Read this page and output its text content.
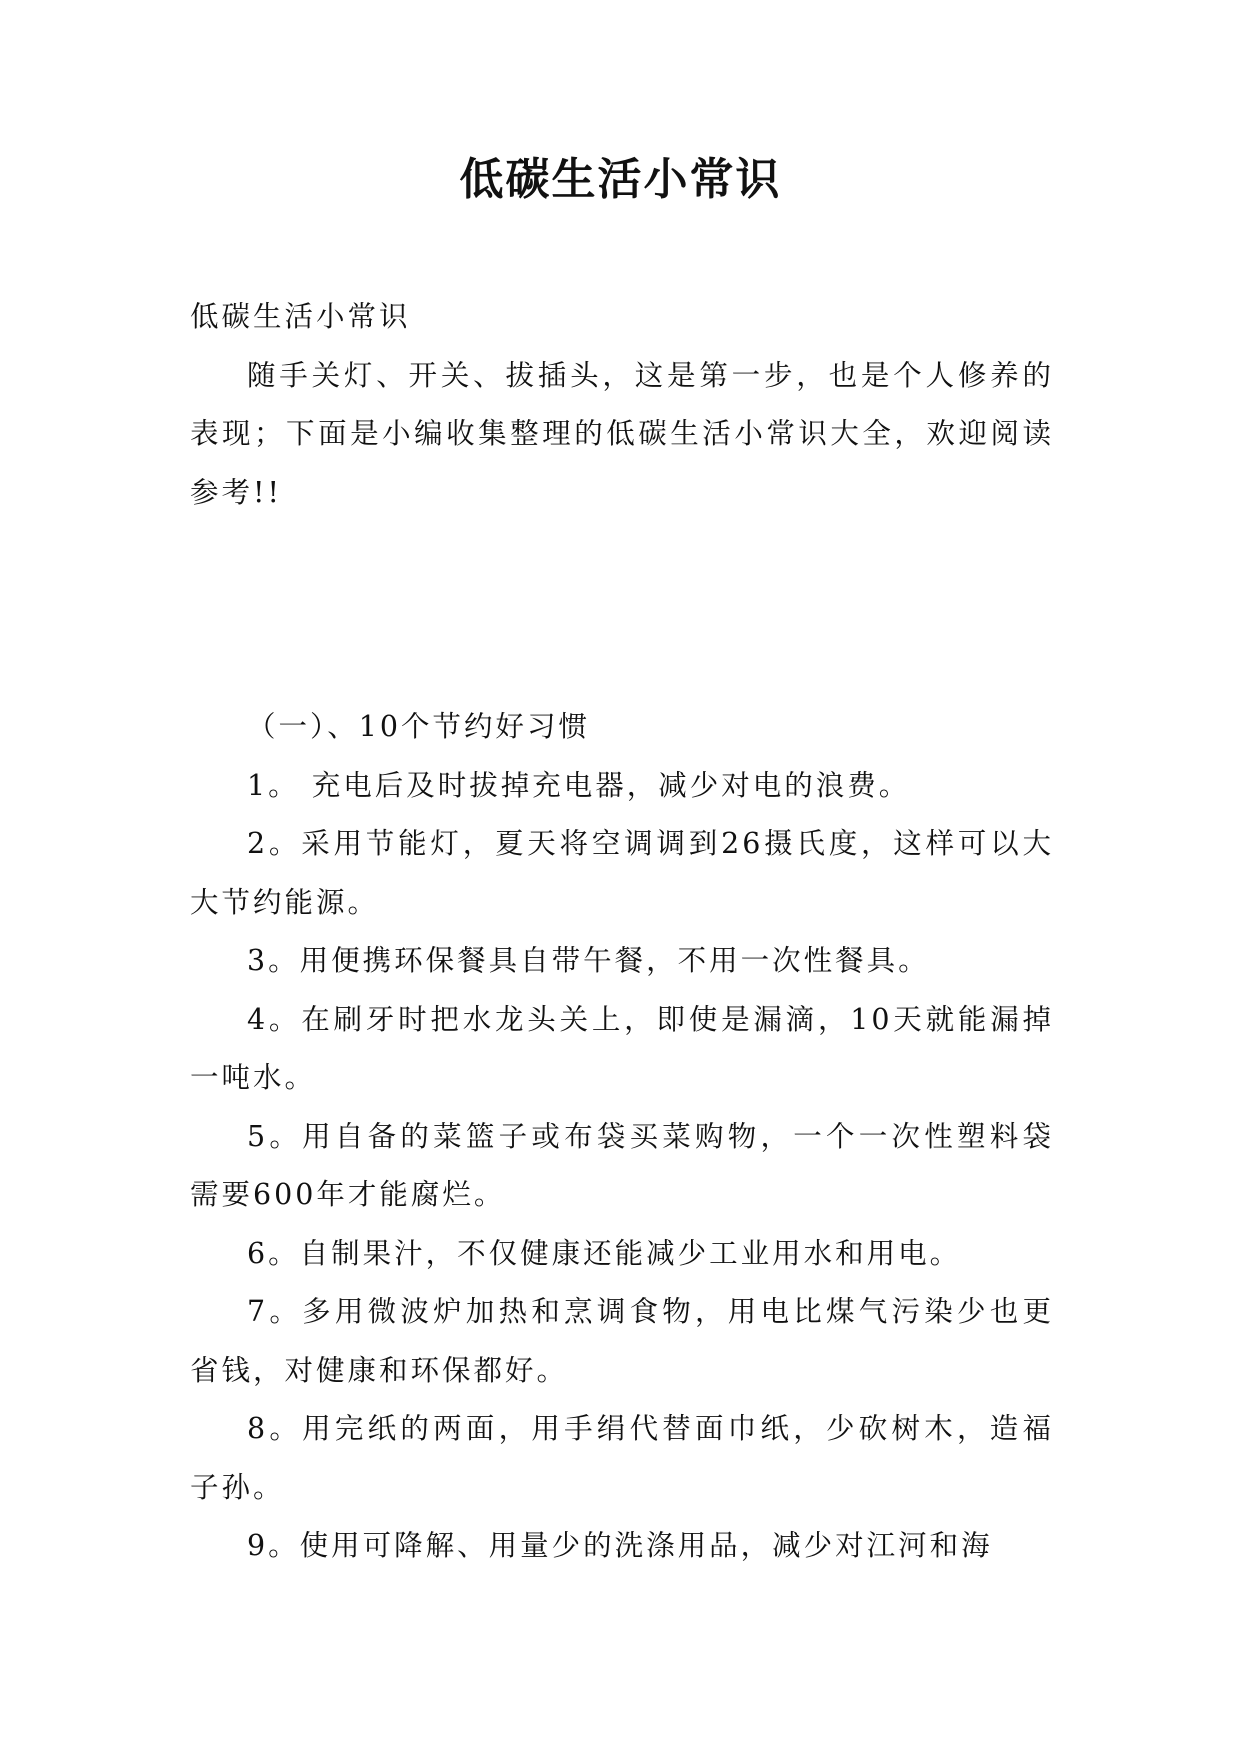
低碳生活小常识

低碳生活小常识

随手关灯、开关、拔插头，这是第一步，也是个人修养的表现；下面是小编收集整理的低碳生活小常识大全，欢迎阅读参考!!

（一）、10个节约好习惯

1。 充电后及时拔掉充电器，减少对电的浪费。

2。采用节能灯，夏天将空调调到26摄氏度，这样可以大大节约能源。

3。用便携环保餐具自带午餐，不用一次性餐具。

4。在刷牙时把水龙头关上，即使是漏滴，10天就能漏掉一吨水。

5。用自备的菜篮子或布袋买菜购物，一个一次性塑料袋需要600年才能腐烂。

6。自制果汁，不仅健康还能减少工业用水和用电。

7。多用微波炉加热和烹调食物，用电比煤气污染少也更省钱，对健康和环保都好。

8。用完纸的两面，用手绢代替面巾纸，少砍树木，造福子孙。

9。使用可降解、用量少的洗涤用品，减少对江河和海
